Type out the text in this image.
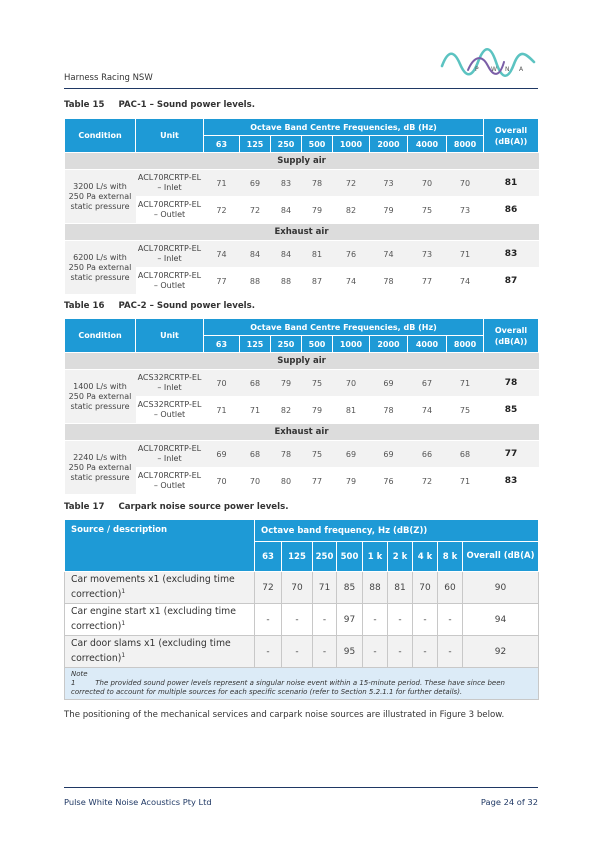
Harness Racing NSW
P W N A
Table 15 PAC-1 – Sound power levels.
Condition	Unit	Octave Band Centre Frequencies, dB (Hz)								Overall (dB(A))
		63	125	250	500	1000	2000	4000	8000	
Supply air										
3200 L/s with 250 Pa external static pressure	ACL70RCRTP-EL – Inlet	71	69	83	78	72	73	70	70	81
	ACL70RCRTP-EL – Outlet	72	72	84	79	82	79	75	73	86
Exhaust air										
6200 L/s with 250 Pa external static pressure	ACL70RCRTP-EL – Inlet	74	84	84	81	76	74	73	71	83
	ACL70RCRTP-EL – Outlet	77	88	88	87	74	78	77	74	87
Table 16 PAC-2 – Sound power levels.
Condition	Unit	Octave Band Centre Frequencies, dB (Hz)								Overall (dB(A))
		63	125	250	500	1000	2000	4000	8000	
Supply air										
1400 L/s with 250 Pa external static pressure	ACS32RCRTP-EL – Inlet	70	68	79	75	70	69	67	71	78
	ACS32RCRTP-EL – Outlet	71	71	82	79	81	78	74	75	85
Exhaust air										
2240 L/s with 250 Pa external static pressure	ACL70RCRTP-EL – Inlet	69	68	78	75	69	69	66	68	77
	ACL70RCRTP-EL – Outlet	70	70	80	77	79	76	72	71	83
Table 17 Carpark noise source power levels.
Source / description	Octave band frequency, Hz (dB(Z))								
	63	125	250	500	1 k	2 k	4 k	8 k	Overall (dB(A)
Car movements x1 (excluding time correction)$^1$	72	70	71	85	88	81	70	60	90
Car engine start x1 (excluding time correction)$^1$	-	-	-	97	-	-	-	-	94
Car door slams x1 (excluding time correction)$^1$	-	-	-	95	-	-	-	-	92
Note 1 The provided sound power levels represent a singular noise event within a 15-minute period. These have since been corrected to account for multiple sources for each specific scenario (refer to Section 5.2.1.1 for further details).									
The positioning of the mechanical services and carpark noise sources are illustrated in Figure 3 below.
Pulse White Noise Acoustics Pty Ltd	Page 24 of 32
